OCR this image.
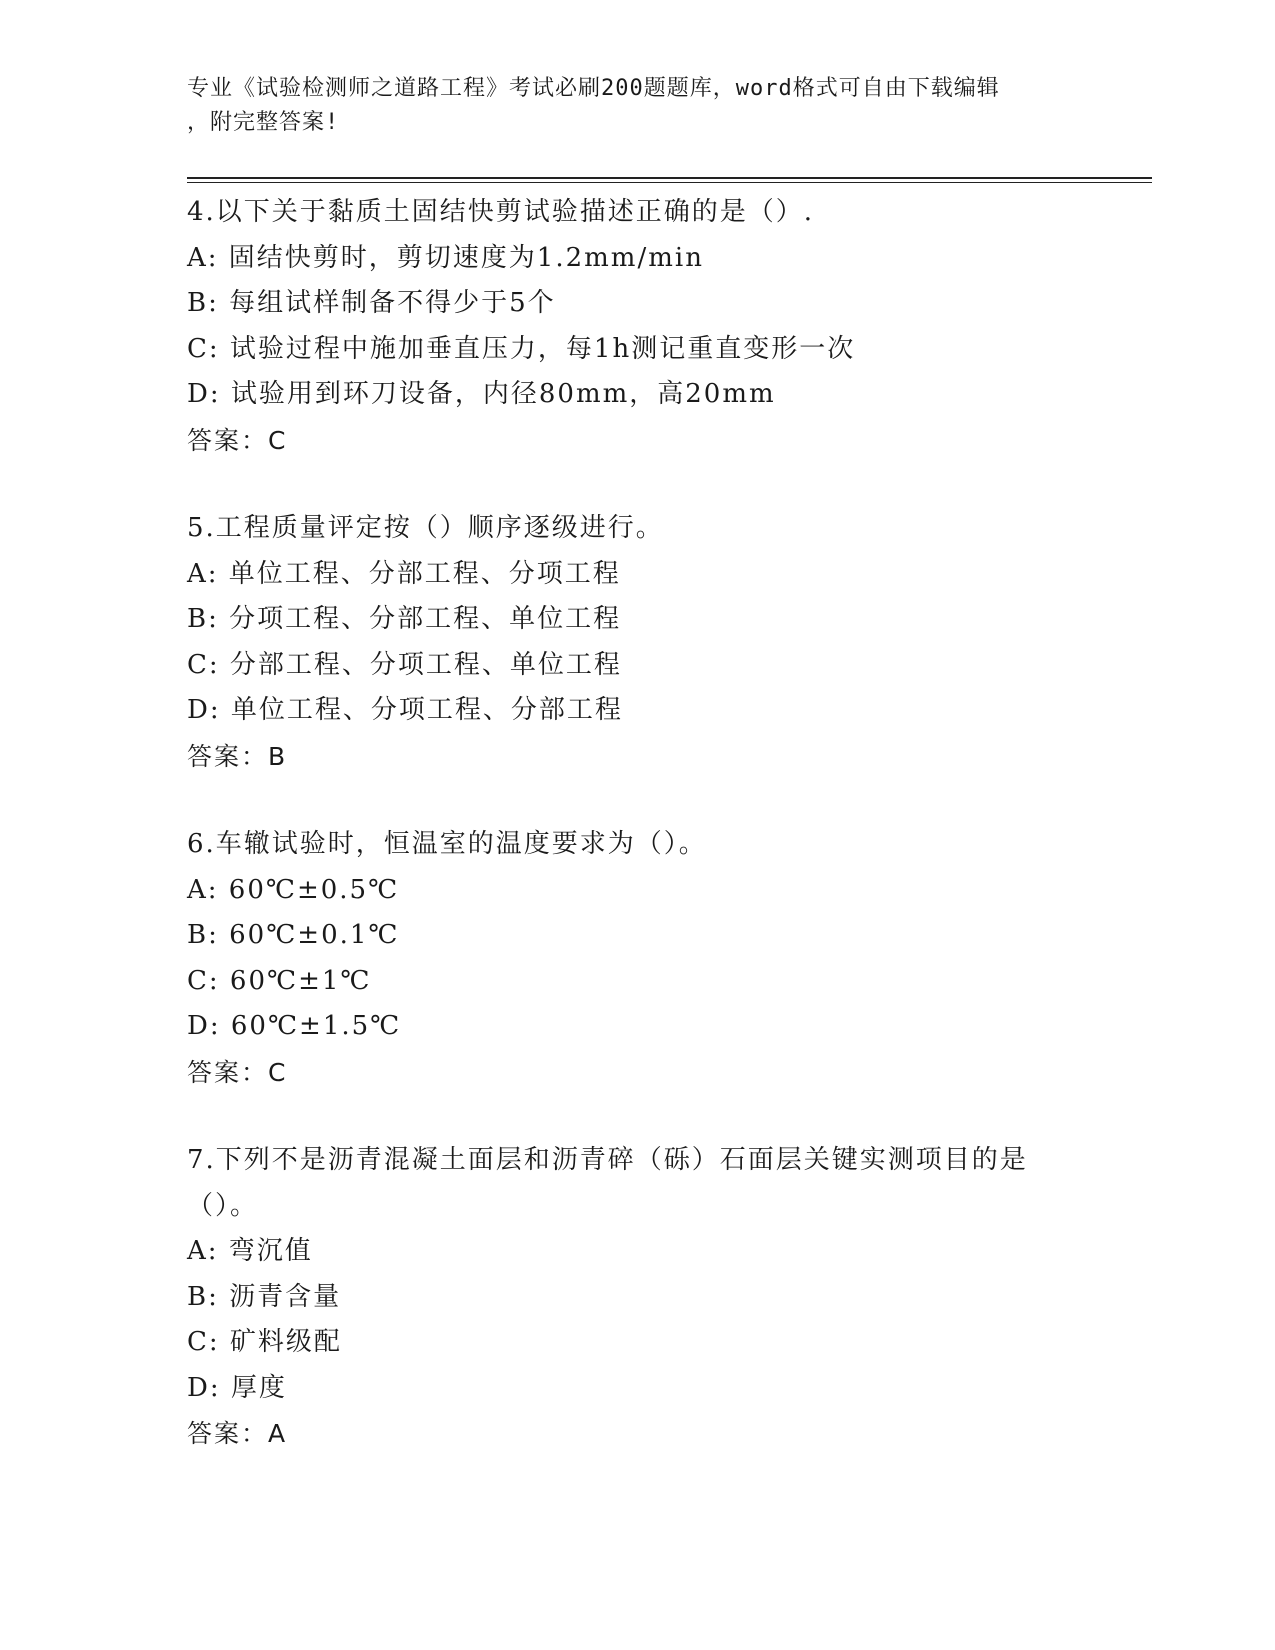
专业《试验检测师之道路工程》考试必刷200题题库，word格式可自由下载编辑
，附完整答案!
4.以下关于黏质土固结快剪试验描述正确的是（）.
A: 固结快剪时，剪切速度为1.2mm/min
B: 每组试样制备不得少于5个
C: 试验过程中施加垂直压力，每1h测记重直变形一次
D: 试验用到环刀设备，内径80mm，高20mm
答案：C
5.工程质量评定按（）顺序逐级进行。
A: 单位工程、分部工程、分项工程
B: 分项工程、分部工程、单位工程
C: 分部工程、分项工程、单位工程
D: 单位工程、分项工程、分部工程
答案：B
6.车辙试验时，恒温室的温度要求为（）。
A: 60℃±0.5℃
B: 60℃±0.1℃
C: 60℃±1℃
D: 60℃±1.5℃
答案：C
7.下列不是沥青混凝土面层和沥青碎（砾）石面层关键实测项目的是（）。
A: 弯沉值
B: 沥青含量
C: 矿料级配
D: 厚度
答案：A
